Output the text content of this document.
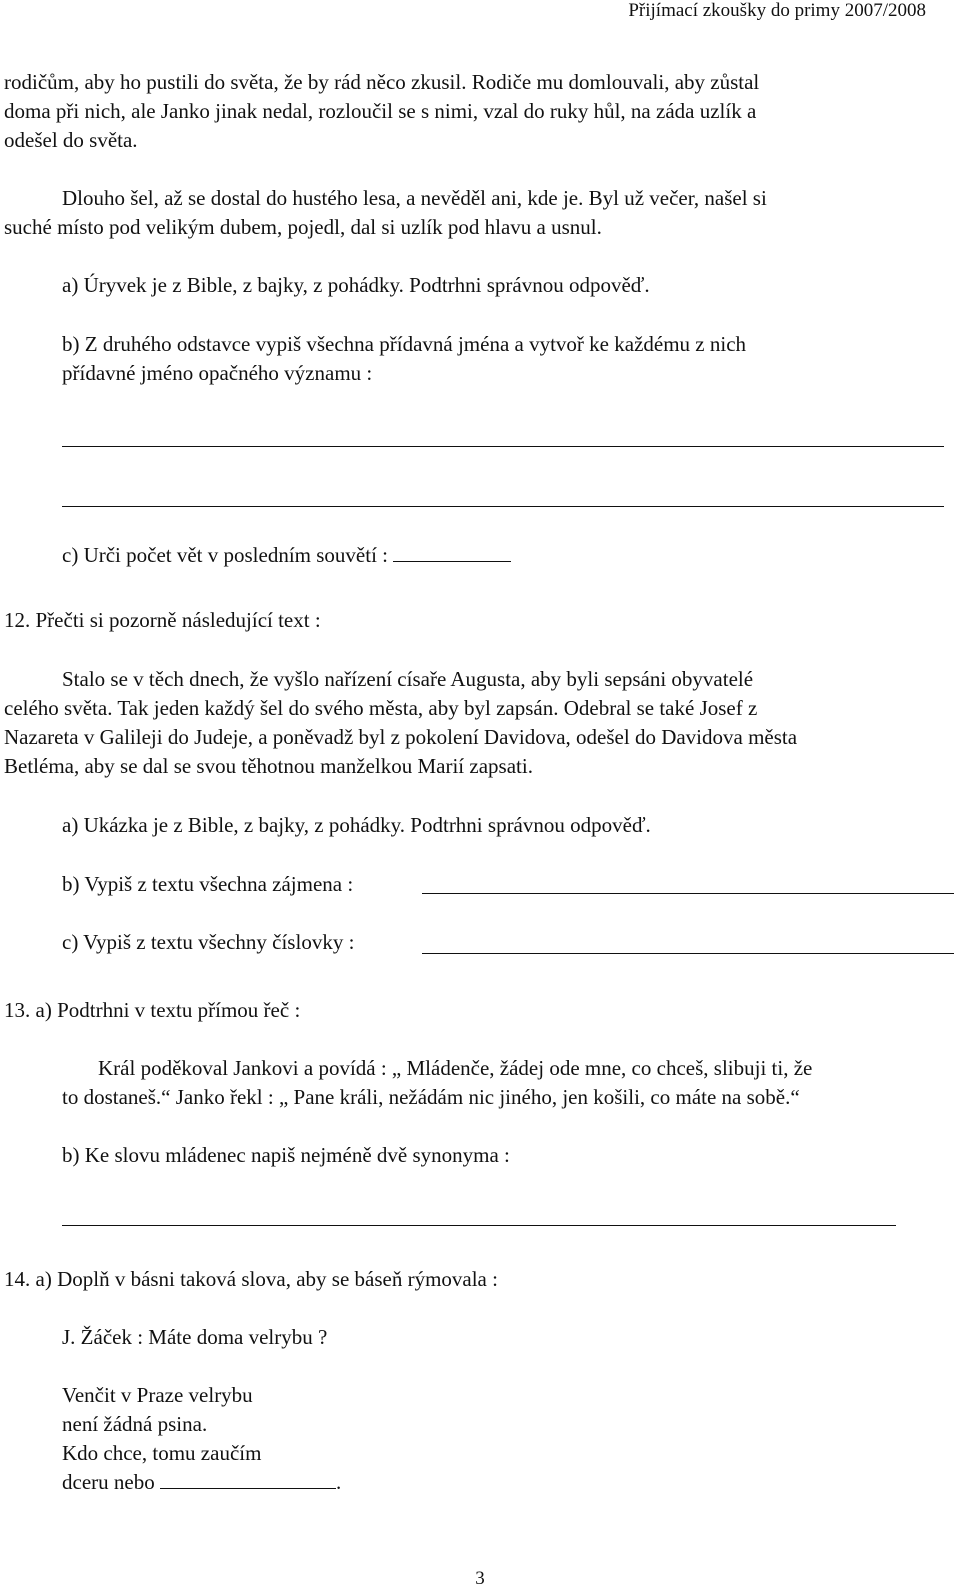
Přijímací zkoušky do primy 2007/2008
rodičům, aby ho pustili do světa, že by rád něco zkusil. Rodiče mu domlouvali, aby zůstal
doma při nich, ale Janko jinak nedal, rozloučil se s nimi, vzal do ruky hůl, na záda uzlík a
odešel do světa.
Dlouho šel, až se dostal do hustého lesa, a nevěděl ani, kde je. Byl už večer, našel si
suché místo pod velikým dubem, pojedl, dal si uzlík pod hlavu a usnul.
a) Úryvek je z Bible, z bajky, z pohádky. Podtrhni správnou odpověď.
b) Z druhého odstavce vypiš všechna přídavná jména a vytvoř ke každému z nich
přídavné jméno opačného významu :
c) Urči počet vět v posledním souvětí :
12. Přečti si pozorně následující text :
Stalo se v těch dnech, že vyšlo nařízení císaře Augusta, aby byli sepsáni obyvatelé
celého světa. Tak jeden každý šel do svého města, aby byl zapsán. Odebral se také Josef z
Nazareta v Galileji do Judeje, a poněvadž byl z pokolení Davidova, odešel do Davidova města
Betléma, aby se dal se svou těhotnou manželkou Marií zapsati.
a) Ukázka je z Bible, z bajky, z pohádky. Podtrhni správnou odpověď.
b) Vypiš z textu všechna zájmena :
c) Vypiš z textu všechny číslovky :
13. a) Podtrhni v textu přímou řeč :
Král poděkoval Jankovi a povídá : „ Mládenče, žádej ode mne, co chceš, slibuji ti, že
to dostaneš.“ Janko řekl : „ Pane králi, nežádám nic jiného, jen košili, co máte na sobě.“
b) Ke slovu mládenec napiš nejméně dvě synonyma :
14. a) Doplň v básni taková slova, aby se báseň rýmovala :
J. Žáček : Máte doma velrybu ?
Venčit v Praze velrybu
není žádná psina.
Kdo chce, tomu zaučím
dceru nebo	.
3
